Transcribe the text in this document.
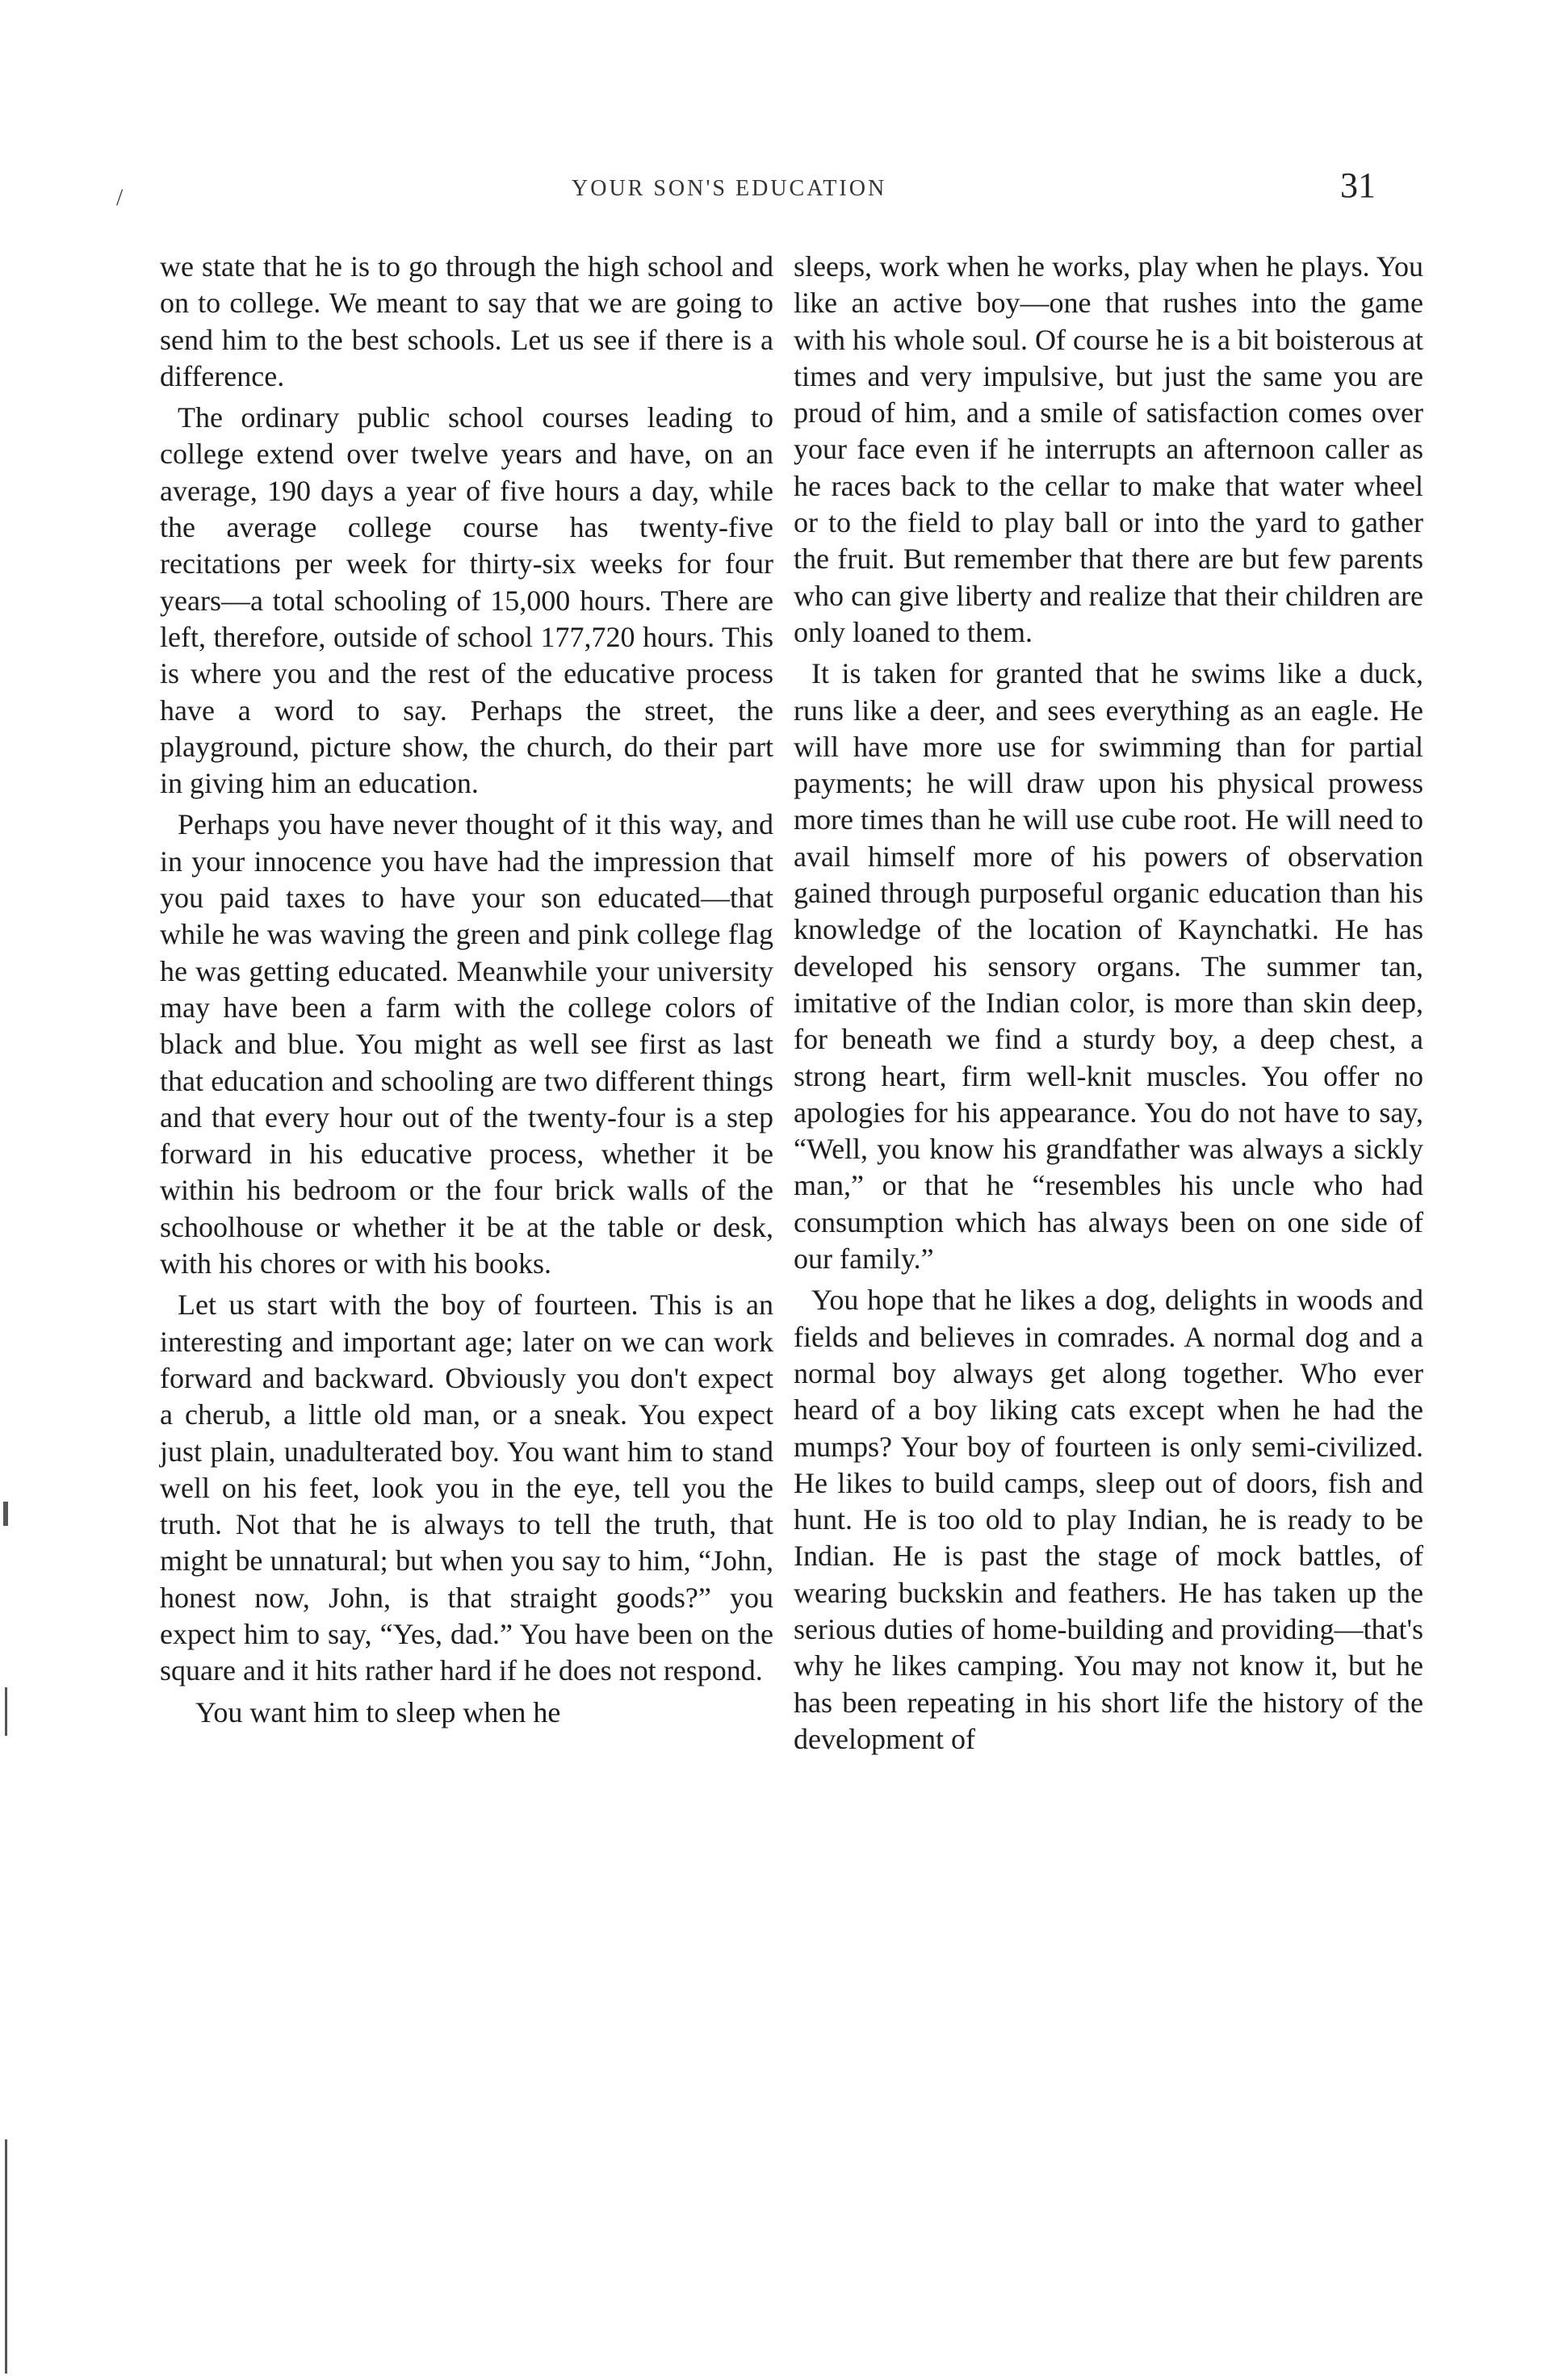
/	YOUR SON'S EDUCATION	31

we state that he is to go through the high school and on to college. We meant to say that we are going to send him to the best schools. Let us see if there is a difference.

The ordinary public school courses leading to college extend over twelve years and have, on an average, 190 days a year of five hours a day, while the average college course has twenty-five recitations per week for thirty-six weeks for four years—a total schooling of 15,000 hours. There are left, therefore, outside of school 177,720 hours. This is where you and the rest of the educative process have a word to say. Perhaps the street, the playground, picture show, the church, do their part in giving him an education.

Perhaps you have never thought of it this way, and in your innocence you have had the impression that you paid taxes to have your son educated—that while he was waving the green and pink college flag he was getting educated. Meanwhile your university may have been a farm with the college colors of black and blue. You might as well see first as last that education and schooling are two different things and that every hour out of the twenty-four is a step forward in his educative process, whether it be within his bedroom or the four brick walls of the schoolhouse or whether it be at the table or desk, with his chores or with his books.

Let us start with the boy of fourteen. This is an interesting and important age; later on we can work forward and backward. Obviously you don't expect a cherub, a little old man, or a sneak. You expect just plain, unadulterated boy. You want him to stand well on his feet, look you in the eye, tell you the truth. Not that he is always to tell the truth, that might be unnatural; but when you say to him, “John, honest now, John, is that straight goods?” you expect him to say, “Yes, dad.” You have been on the square and it hits rather hard if he does not respond.

You want him to sleep when he

sleeps, work when he works, play when he plays. You like an active boy—one that rushes into the game with his whole soul. Of course he is a bit boisterous at times and very impulsive, but just the same you are proud of him, and a smile of satisfaction comes over your face even if he interrupts an afternoon caller as he races back to the cellar to make that water wheel or to the field to play ball or into the yard to gather the fruit. But remember that there are but few parents who can give liberty and realize that their children are only loaned to them.

It is taken for granted that he swims like a duck, runs like a deer, and sees everything as an eagle. He will have more use for swimming than for partial payments; he will draw upon his physical prowess more times than he will use cube root. He will need to avail himself more of his powers of observation gained through purposeful organic education than his knowledge of the location of Kaynchatki. He has developed his sensory organs. The summer tan, imitative of the Indian color, is more than skin deep, for beneath we find a sturdy boy, a deep chest, a strong heart, firm well-knit muscles. You offer no apologies for his appearance. You do not have to say, “Well, you know his grandfather was always a sickly man,” or that he “resembles his uncle who had consumption which has always been on one side of our family.”

You hope that he likes a dog, delights in woods and fields and believes in comrades. A normal dog and a normal boy always get along together. Who ever heard of a boy liking cats except when he had the mumps? Your boy of fourteen is only semi-civilized. He likes to build camps, sleep out of doors, fish and hunt. He is too old to play Indian, he is ready to be Indian. He is past the stage of mock battles, of wearing buckskin and feathers. He has taken up the serious duties of home-building and providing—that's why he likes camping. You may not know it, but he has been repeating in his short life the history of the development of
